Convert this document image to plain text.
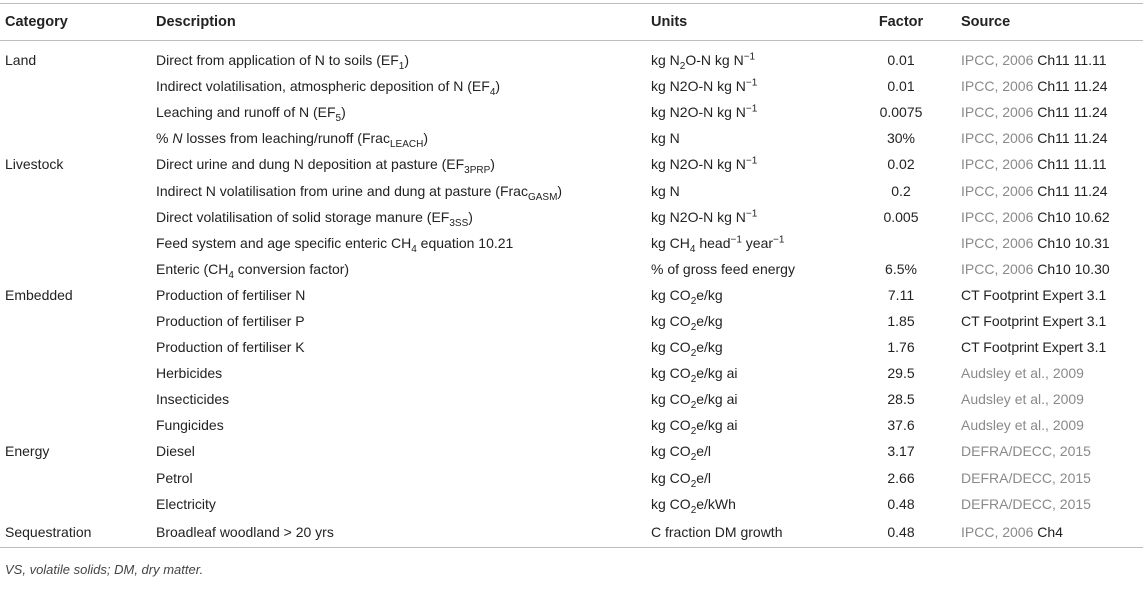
Category	Description	Units	Factor	Source
Land	Direct from application of N to soils $(EF_1)$	kg $N_2O-N$ kg $N^{-1}$	0.01	IPCC, 2006 Ch11 11.11
	Indirect volatilisation, atmospheric deposition of N $(EF_4)$	kg N2O-N kg $N^{-1}$	0.01	IPCC, 2006 Ch11 11.24
	Leaching and runoff of N $(EF_5)$	kg N2O-N kg $N^{-1}$	0.0075	IPCC, 2006 Ch11 11.24
	% N losses from leaching/runoff (Frac$_{LEACH}$)	kg N	30%	IPCC, 2006 Ch11 11.24
Livestock	Direct urine and dung N deposition at pasture $(EF_{3PRP})$	kg N2O-N kg $N^{-1}$	0.02	IPCC, 2006 Ch11 11.11
	Indirect N volatilisation from urine and dung at pasture (Frac$_{GASM}$)	kg N	0.2	IPCC, 2006 Ch11 11.24
	Direct volatilisation of solid storage manure $(EF_{3SS})$	kg N2O-N kg $N^{-1}$	0.005	IPCC, 2006 Ch10 10.62
	Feed system and age specific enteric $CH_4$ equation 10.21	kg $CH_4$ head$^{-1}$ year$^{-1}$		IPCC, 2006 Ch10 10.31
	Enteric ($CH_4$ conversion factor)	% of gross feed energy	6.5%	IPCC, 2006 Ch10 10.30
Embedded	Production of fertiliser N	kg $CO_2e/kg$	7.11	CT Footprint Expert 3.1
	Production of fertiliser P	kg $CO_2e/kg$	1.85	CT Footprint Expert 3.1
	Production of fertiliser K	kg $CO_2e/kg$	1.76	CT Footprint Expert 3.1
	Herbicides	kg $CO_2e/kg$ ai	29.5	Audsley et al., 2009
	Insecticides	kg $CO_2e/kg$ ai	28.5	Audsley et al., 2009
	Fungicides	kg $CO_2e/kg$ ai	37.6	Audsley et al., 2009
Energy	Diesel	kg $CO_2e/l$	3.17	DEFRA/DECC, 2015
	Petrol	kg $CO_2e/l$	2.66	DEFRA/DECC, 2015
	Electricity	kg $CO_2e$/kWh	0.48	DEFRA/DECC, 2015
Sequestration	Broadleaf woodland > 20 yrs	C fraction DM growth	0.48	IPCC, 2006 Ch4
VS, volatile solids; DM, dry matter.
